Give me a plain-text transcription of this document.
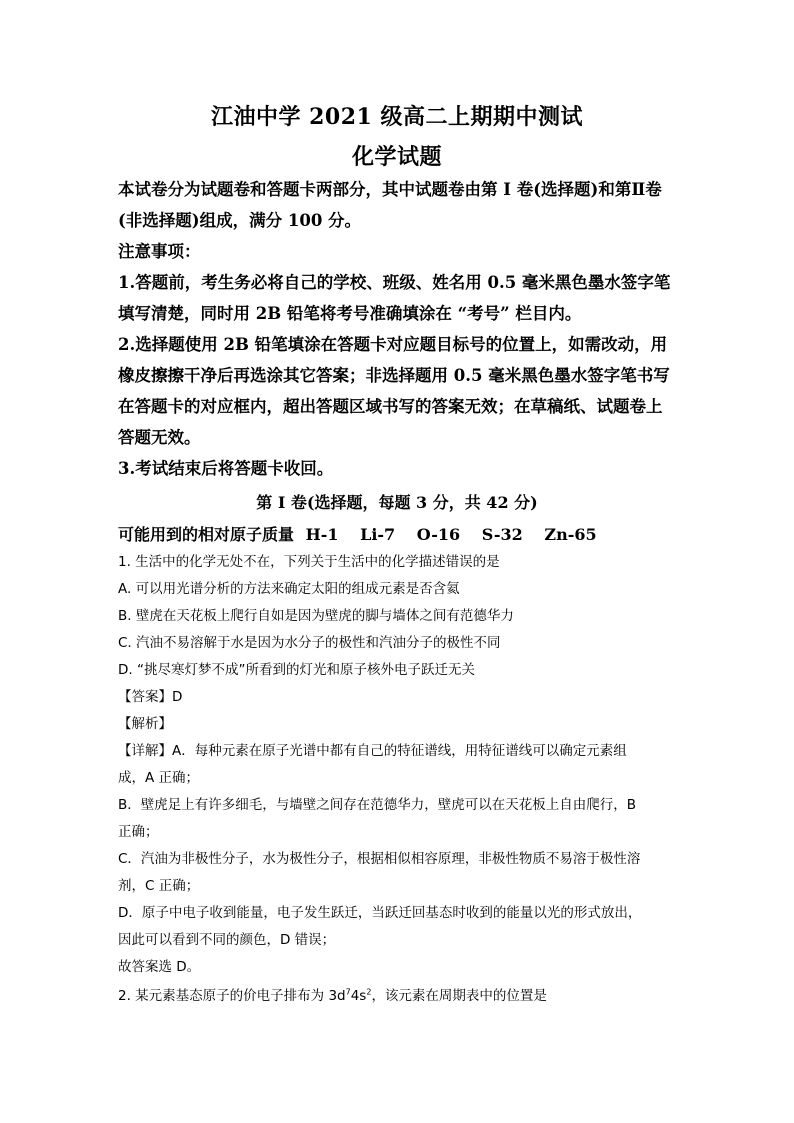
江油中学 2021 级高二上期期中测试
化学试题
本试卷分为试题卷和答题卡两部分，其中试题卷由第 I 卷(选择题)和第Ⅱ卷(非选择题)组成，满分 100 分。
注意事项：
1.答题前，考生务必将自己的学校、班级、姓名用 0.5 毫米黑色墨水签字笔填写清楚，同时用 2B 铅笔将考号准确填涂在 “考号” 栏目内。
2.选择题使用 2B 铅笔填涂在答题卡对应题目标号的位置上，如需改动，用橡皮擦擦干净后再选涂其它答案；非选择题用 0.5 毫米黑色墨水签字笔书写在答题卡的对应框内，超出答题区域书写的答案无效；在草稿纸、试题卷上答题无效。
3.考试结束后将答题卡收回。
第 I 卷(选择题，每题 3 分，共 42 分)
可能用到的相对原子质量 H-1 Li-7 O-16 S-32 Zn-65
1. 生活中的化学无处不在，下列关于生活中的化学描述错误的是
A. 可以用光谱分析的方法来确定太阳的组成元素是否含氦
B. 壁虎在天花板上爬行自如是因为壁虎的脚与墙体之间有范德华力
C. 汽油不易溶解于水是因为水分子的极性和汽油分子的极性不同
D. “挑尽寒灯梦不成”所看到的灯光和原子核外电子跃迁无关
【答案】D
【解析】
【详解】A．每种元素在原子光谱中都有自己的特征谱线，用特征谱线可以确定元素组
成，A 正确；
B．壁虎足上有许多细毛，与墙壁之间存在范德华力，壁虎可以在天花板上自由爬行，B
正确；
C．汽油为非极性分子，水为极性分子，根据相似相容原理，非极性物质不易溶于极性溶
剂，C 正确；
D．原子中电子收到能量，电子发生跃迁，当跃迁回基态时收到的能量以光的形式放出，
因此可以看到不同的颜色，D 错误；
故答案选 D。
2. 某元素基态原子的价电子排布为 $3d^74s^2$，该元素在周期表中的位置是
